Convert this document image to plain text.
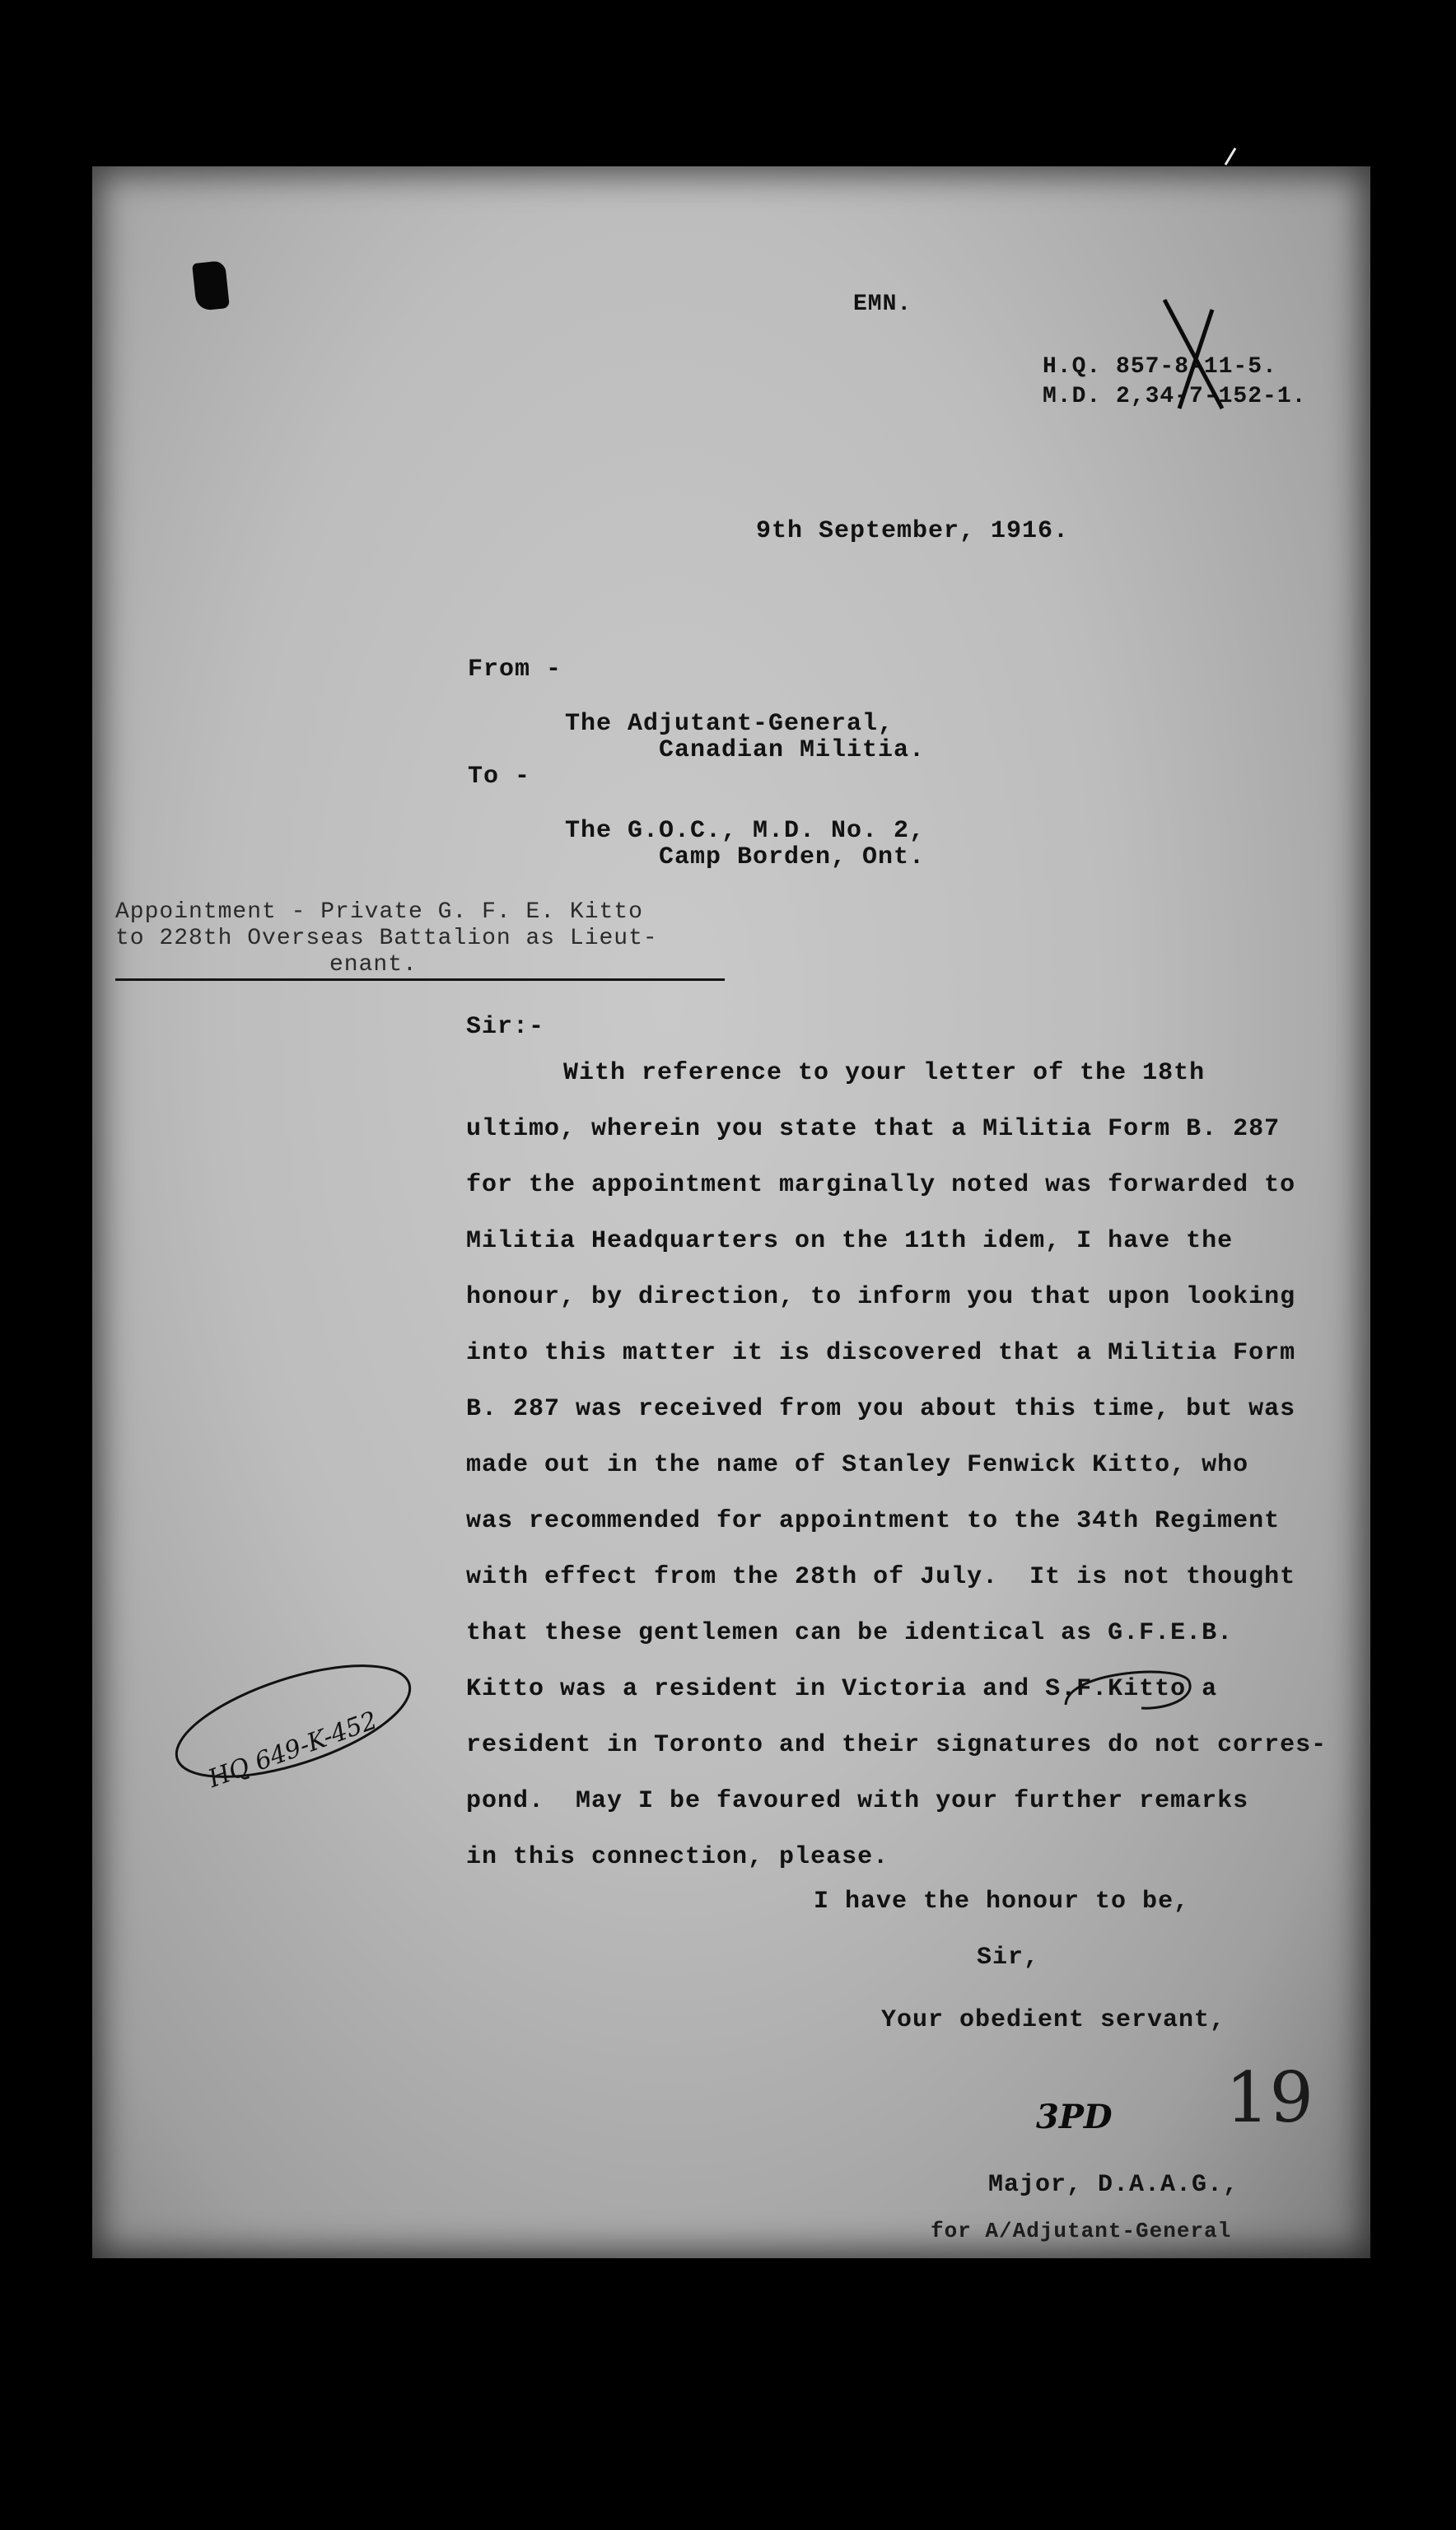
EMN.
H.Q. 857-8-11-5.
M.D. 2,34-7-152-1.
9th September, 1916.
From -
The Adjutant-General,
Canadian Militia.
To -
The G.O.C., M.D. No. 2,
Camp Borden, Ont.
Appointment - Private G. F. E. Kitto
to 228th Overseas Battalion as Lieut-
enant.
Sir:-
With reference to your letter of the 18th
ultimo, wherein you state that a Militia Form B. 287
for the appointment marginally noted was forwarded to
Militia Headquarters on the 11th idem, I have the
honour, by direction, to inform you that upon looking
into this matter it is discovered that a Militia Form
B. 287 was received from you about this time, but was
made out in the name of Stanley Fenwick Kitto, who
was recommended for appointment to the 34th Regiment
with effect from the 28th of July.  It is not thought
that these gentlemen can be identical as G.F.E.B.
Kitto was a resident in Victoria and S.F.Kitto a
resident in Toronto and their signatures do not corres-
pond.  May I be favoured with your further remarks
in this connection, please.
HQ 649-K-452
I have the honour to be,
Sir,
Your obedient servant,
3PD 19
Major, D.A.A.G.,
for A/Adjutant-General
